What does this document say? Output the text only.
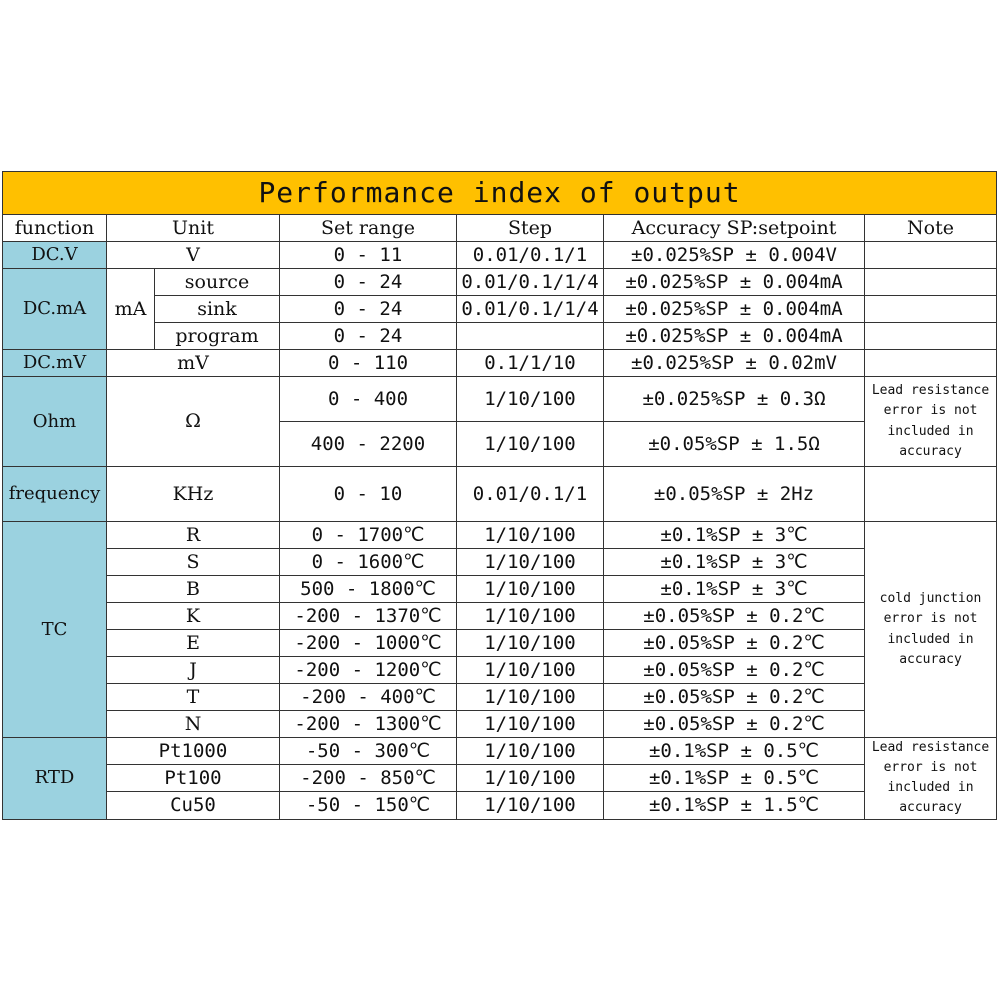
Performance index of output						
function	Unit		Set range	Step	Accuracy SP:setpoint	Note
DC.V	V		0 - 11	0.01/0.1/1	±0.025%SP ± 0.004V	
DC.mA	mA	source	0 - 24	0.01/0.1/1/4	±0.025%SP ± 0.004mA	
		sink	0 - 24	0.01/0.1/1/4	±0.025%SP ± 0.004mA	
		program	0 - 24		±0.025%SP ± 0.004mA	
DC.mV	mV		0 - 110	0.1/1/10	±0.025%SP ± 0.02mV	
Ohm	Ω		0 - 400	1/10/100	±0.025%SP ± 0.3Ω	Lead resistance error is not included in accuracy
			400 - 2200	1/10/100	±0.05%SP ± 1.5Ω	
frequency	KHz		0 - 10	0.01/0.1/1	±0.05%SP ± 2Hz	
TC	R		0 - 1700℃	1/10/100	±0.1%SP ± 3℃	cold junction error is not included in accuracy
	S		0 - 1600℃	1/10/100	±0.1%SP ± 3℃	
	B		500 - 1800℃	1/10/100	±0.1%SP ± 3℃	
	K		-200 - 1370℃	1/10/100	±0.05%SP ± 0.2℃	
	E		-200 - 1000℃	1/10/100	±0.05%SP ± 0.2℃	
	J		-200 - 1200℃	1/10/100	±0.05%SP ± 0.2℃	
	T		-200 - 400℃	1/10/100	±0.05%SP ± 0.2℃	
	N		-200 - 1300℃	1/10/100	±0.05%SP ± 0.2℃	
RTD	Pt1000		-50 - 300℃	1/10/100	±0.1%SP ± 0.5℃	Lead resistance error is not included in accuracy
	Pt100		-200 - 850℃	1/10/100	±0.1%SP ± 0.5℃	
	Cu50		-50 - 150℃	1/10/100	±0.1%SP ± 1.5℃	
